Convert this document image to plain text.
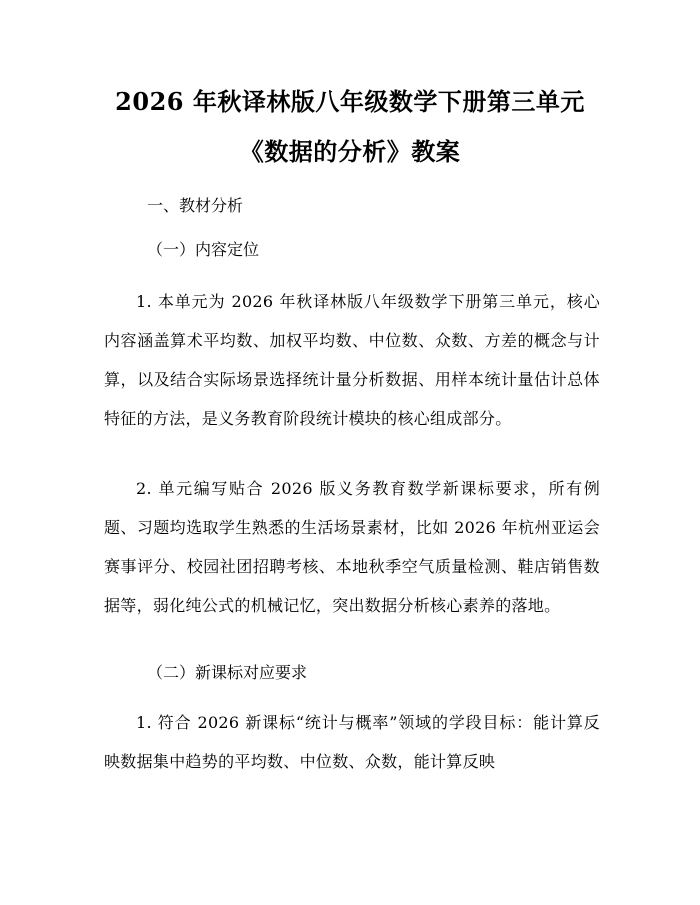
2026 年秋译林版八年级数学下册第三单元
《数据的分析》教案
一、教材分析
（一）内容定位
1. 本单元为 2026 年秋译林版八年级数学下册第三单元，核心内容涵盖算术平均数、加权平均数、中位数、众数、方差的概念与计算，以及结合实际场景选择统计量分析数据、用样本统计量估计总体特征的方法，是义务教育阶段统计模块的核心组成部分。
2. 单元编写贴合 2026 版义务教育数学新课标要求，所有例题、习题均选取学生熟悉的生活场景素材，比如 2026 年杭州亚运会赛事评分、校园社团招聘考核、本地秋季空气质量检测、鞋店销售数据等，弱化纯公式的机械记忆，突出数据分析核心素养的落地。
（二）新课标对应要求
1. 符合 2026 新课标“统计与概率”领域的学段目标：能计算反映数据集中趋势的平均数、中位数、众数，能计算反映
